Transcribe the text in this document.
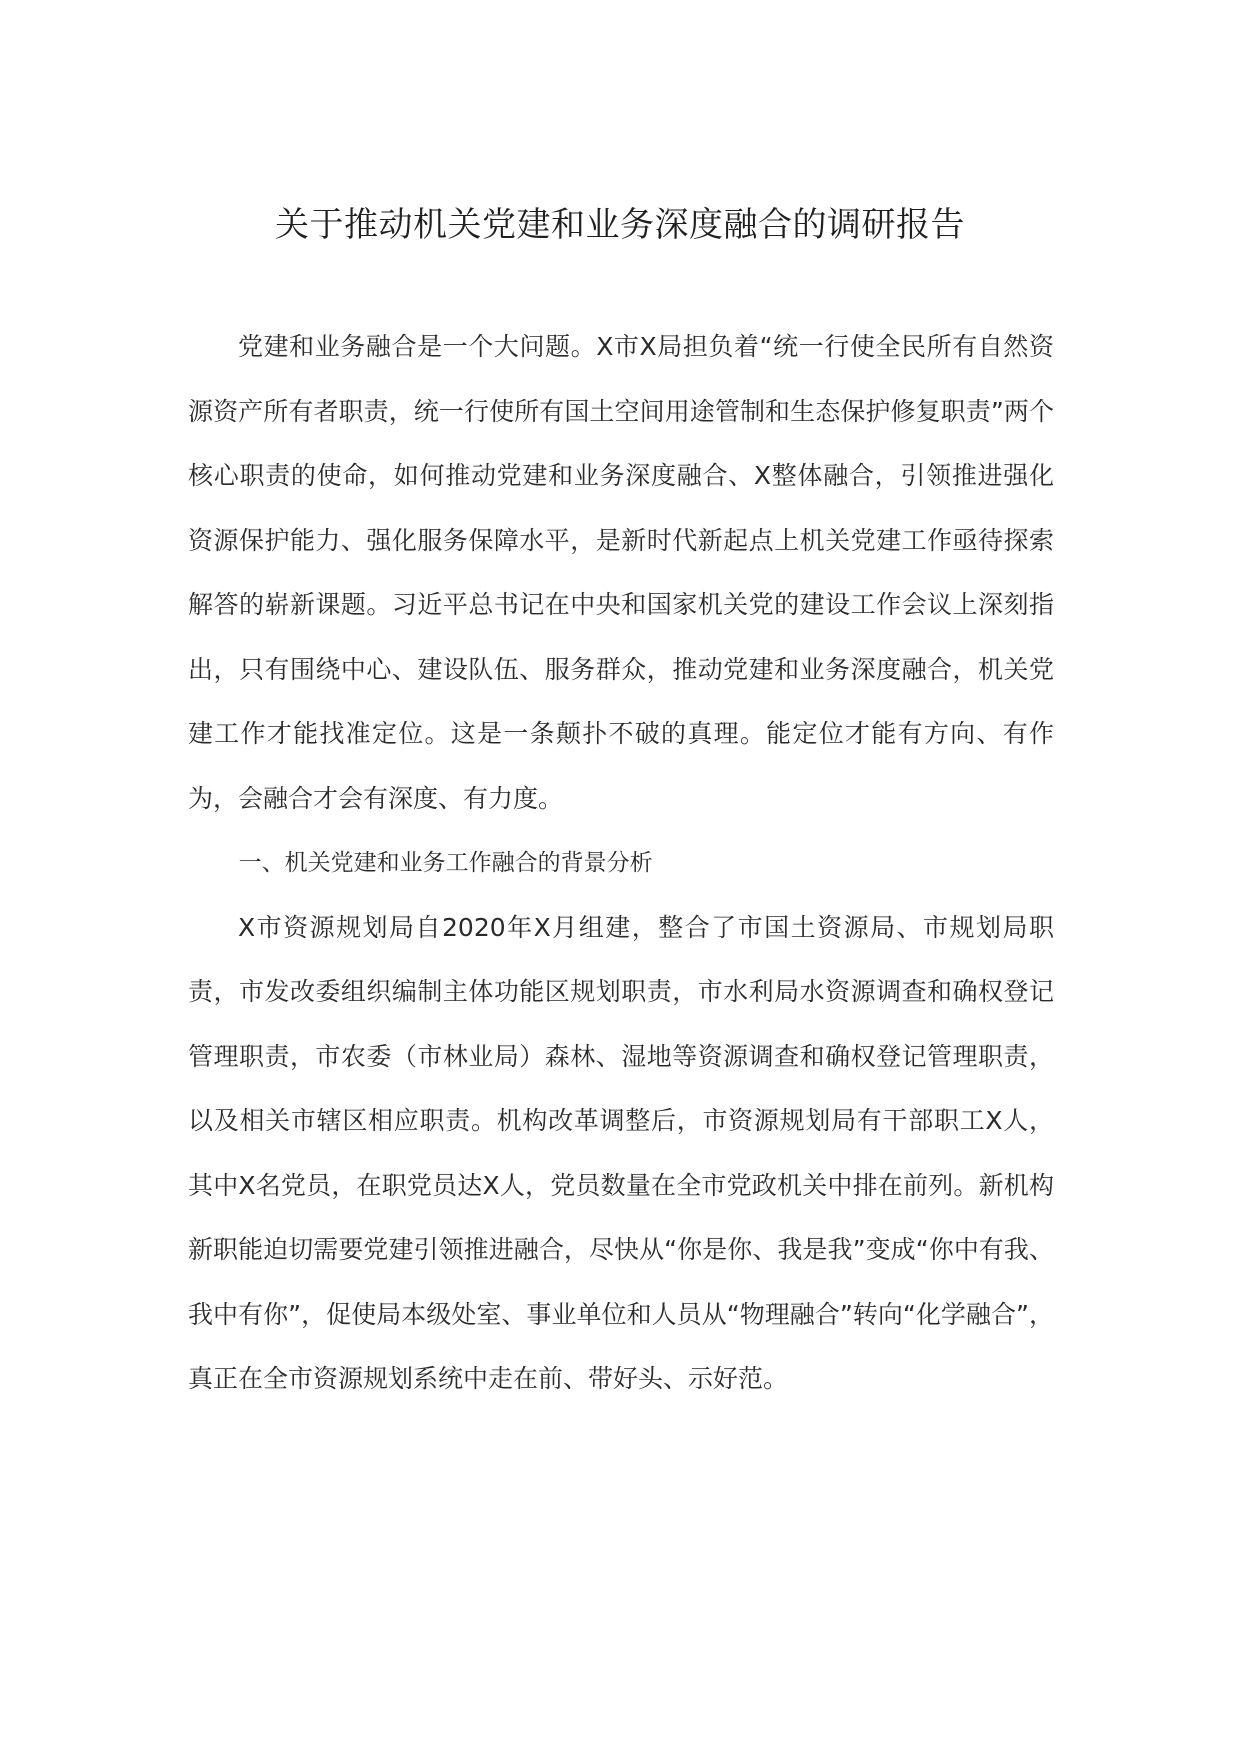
关于推动机关党建和业务深度融合的调研报告

党建和业务融合是一个大问题。X市X局担负着“统一行使全民所有自然资源资产所有者职责，统一行使所有国土空间用途管制和生态保护修复职责”两个核心职责的使命，如何推动党建和业务深度融合、X整体融合，引领推进强化资源保护能力、强化服务保障水平，是新时代新起点上机关党建工作亟待探索解答的崭新课题。习近平总书记在中央和国家机关党的建设工作会议上深刻指出，只有围绕中心、建设队伍、服务群众，推动党建和业务深度融合，机关党建工作才能找准定位。这是一条颠扑不破的真理。能定位才能有方向、有作为，会融合才会有深度、有力度。

一、机关党建和业务工作融合的背景分析

X市资源规划局自2020年X月组建，整合了市国土资源局、市规划局职责，市发改委组织编制主体功能区规划职责，市水利局水资源调查和确权登记管理职责，市农委（市林业局）森林、湿地等资源调查和确权登记管理职责，以及相关市辖区相应职责。机构改革调整后，市资源规划局有干部职工X人，其中X名党员，在职党员达X人，党员数量在全市党政机关中排在前列。新机构新职能迫切需要党建引领推进融合，尽快从“你是你、我是我”变成“你中有我、我中有你”，促使局本级处室、事业单位和人员从“物理融合”转向“化学融合”，真正在全市资源规划系统中走在前、带好头、示好范。
